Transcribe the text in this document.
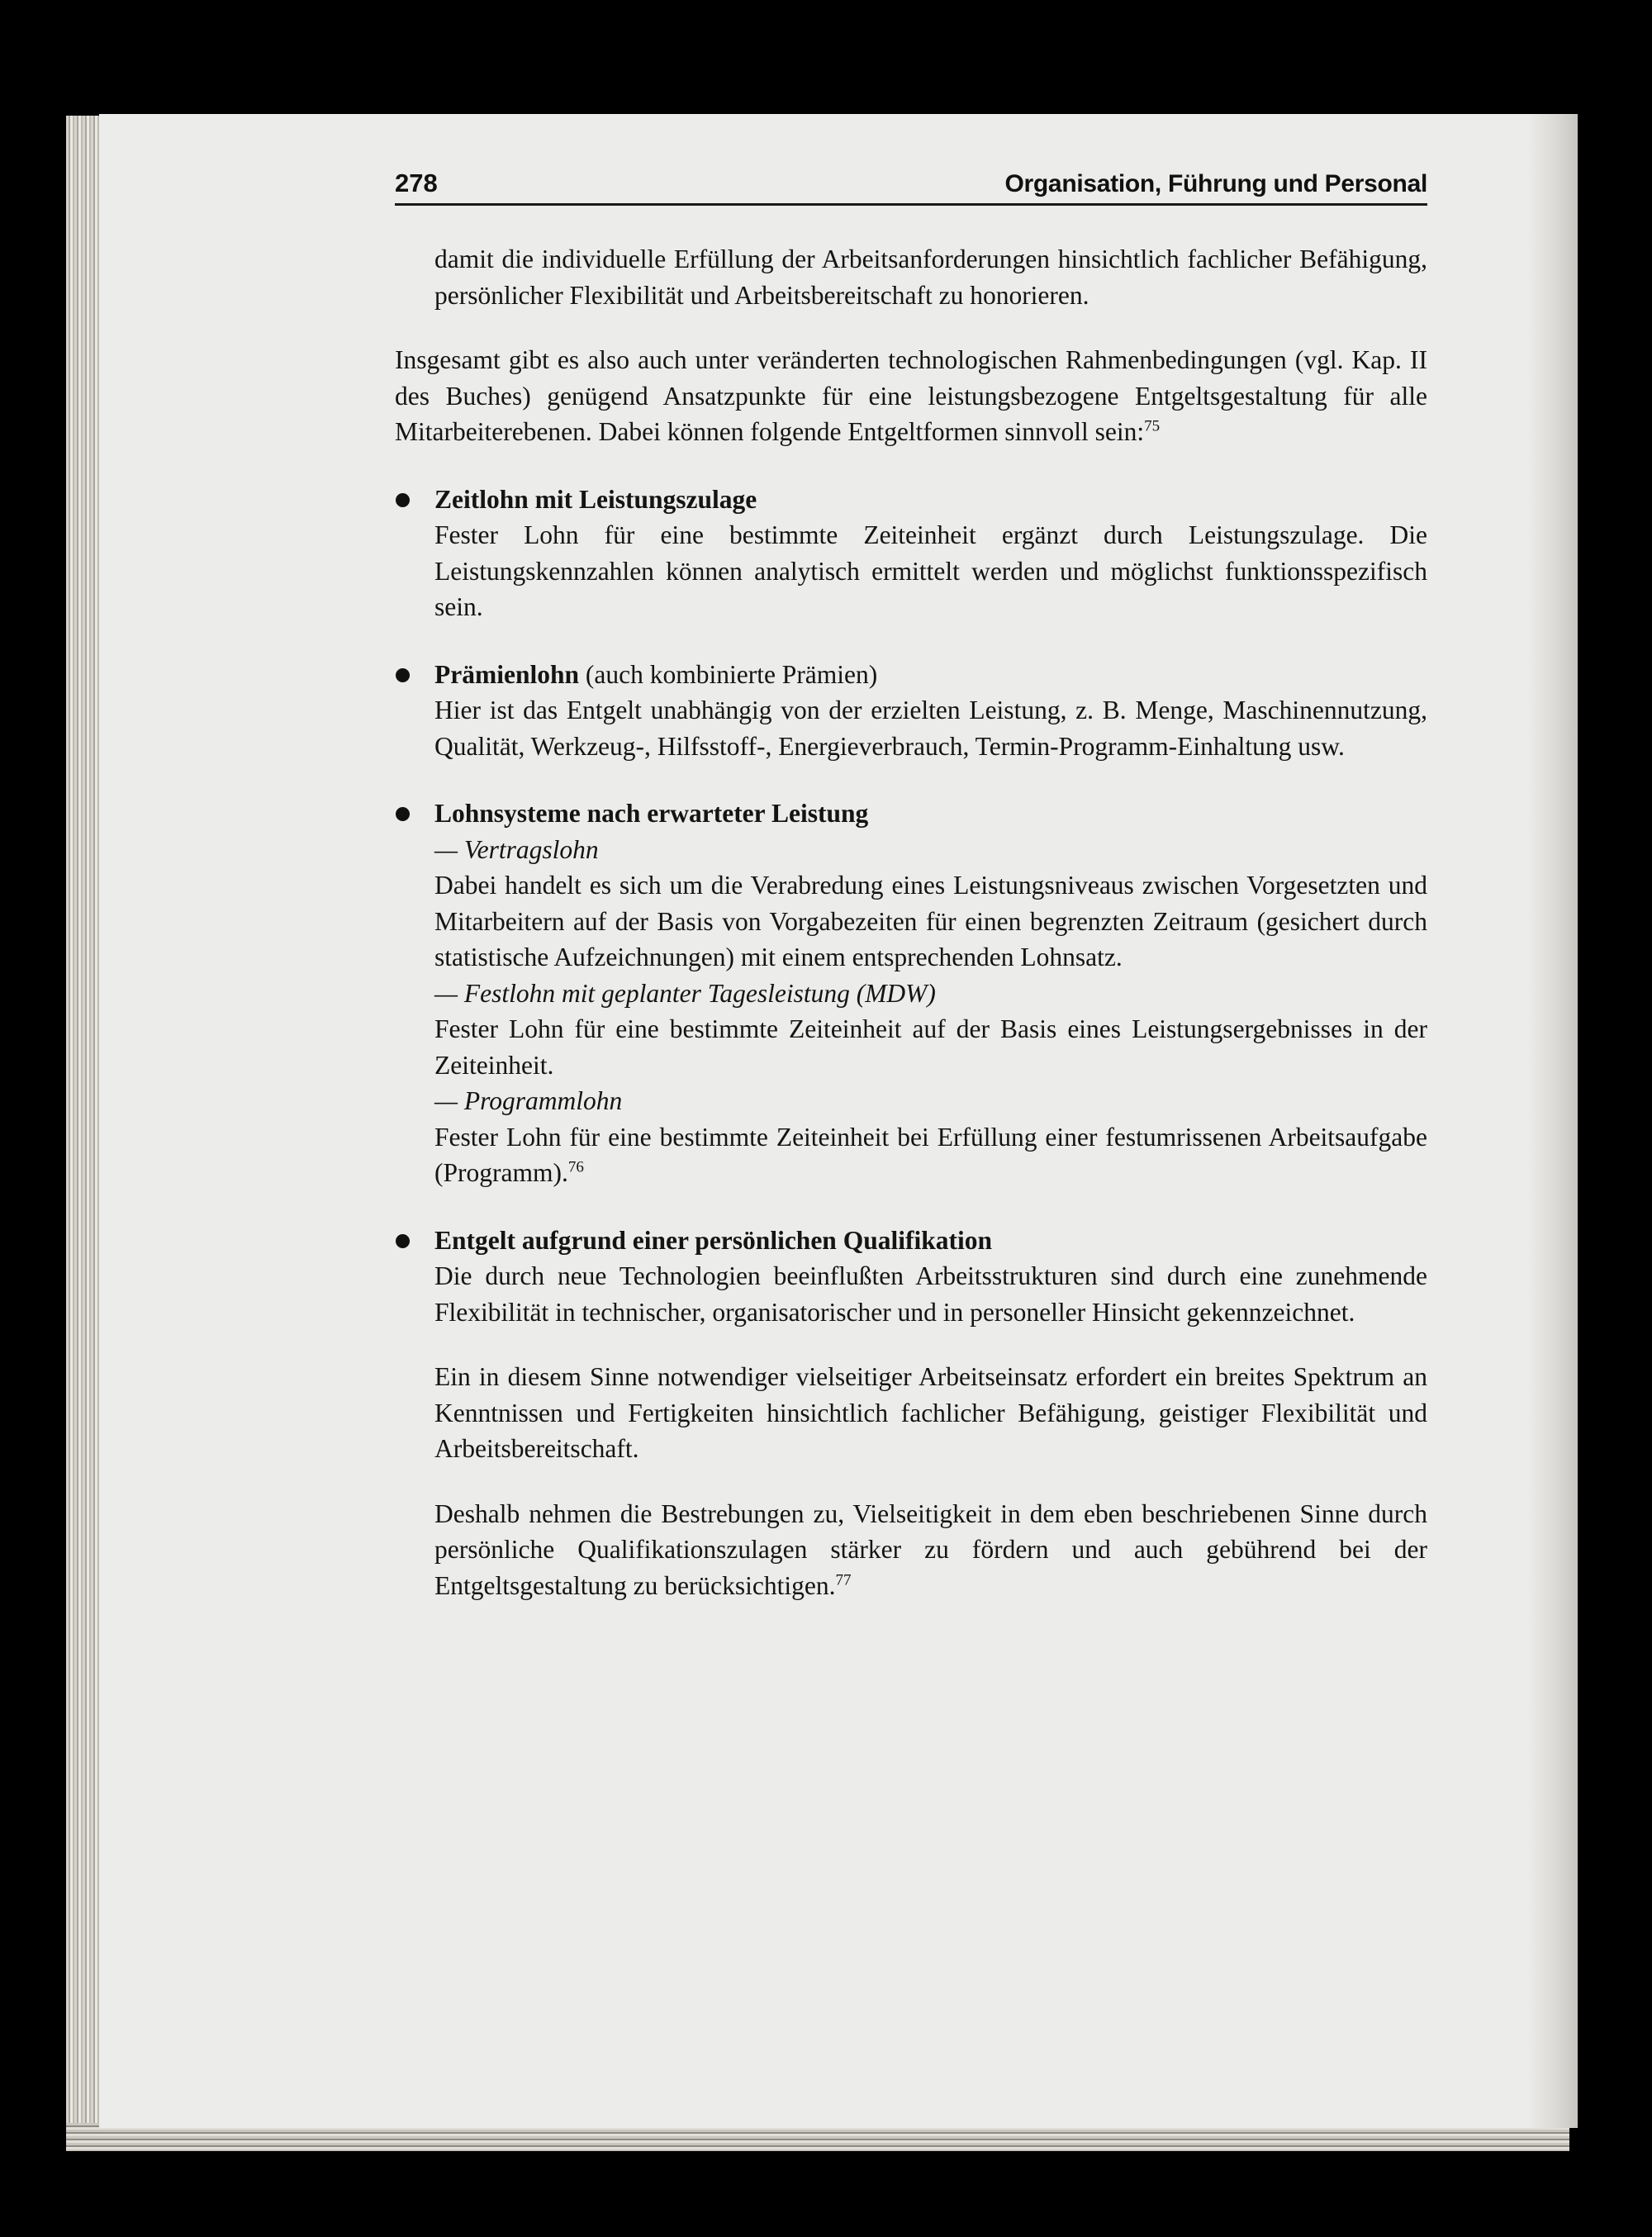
278	Organisation, Führung und Personal

damit die individuelle Erfüllung der Arbeitsanforderungen hinsichtlich fachlicher Befähigung, persönlicher Flexibilität und Arbeitsbereitschaft zu honorieren.

Insgesamt gibt es also auch unter veränderten technologischen Rahmenbedingungen (vgl. Kap. II des Buches) genügend Ansatzpunkte für eine leistungsbezogene Entgeltsgestaltung für alle Mitarbeiterebenen. Dabei können folgende Entgeltformen sinnvoll sein:$^{75}$

Zeitlohn mit Leistungszulage
Fester Lohn für eine bestimmte Zeiteinheit ergänzt durch Leistungszulage. Die Leistungskennzahlen können analytisch ermittelt werden und möglichst funktionsspezifisch sein.
Prämienlohn (auch kombinierte Prämien)
Hier ist das Entgelt unabhängig von der erzielten Leistung, z. B. Menge, Maschinennutzung, Qualität, Werkzeug-, Hilfsstoff-, Energieverbrauch, Termin-Programm-Einhaltung usw.
Lohnsysteme nach erwarteter Leistung
— Vertragslohn
Dabei handelt es sich um die Verabredung eines Leistungsniveaus zwischen Vorgesetzten und Mitarbeitern auf der Basis von Vorgabezeiten für einen begrenzten Zeitraum (gesichert durch statistische Aufzeichnungen) mit einem entsprechenden Lohnsatz.
— Festlohn mit geplanter Tagesleistung (MDW)
Fester Lohn für eine bestimmte Zeiteinheit auf der Basis eines Leistungsergebnisses in der Zeiteinheit.
— Programmlohn
Fester Lohn für eine bestimmte Zeiteinheit bei Erfüllung einer festumrissenen Arbeitsaufgabe (Programm).$^{76}$
Entgelt aufgrund einer persönlichen Qualifikation
Die durch neue Technologien beeinflußten Arbeitsstrukturen sind durch eine zunehmende Flexibilität in technischer, organisatorischer und in personeller Hinsicht gekennzeichnet.

Ein in diesem Sinne notwendiger vielseitiger Arbeitseinsatz erfordert ein breites Spektrum an Kenntnissen und Fertigkeiten hinsichtlich fachlicher Befähigung, geistiger Flexibilität und Arbeitsbereitschaft.

Deshalb nehmen die Bestrebungen zu, Vielseitigkeit in dem eben beschriebenen Sinne durch persönliche Qualifikationszulagen stärker zu fördern und auch gebührend bei der Entgeltsgestaltung zu berücksichtigen.$^{77}$
